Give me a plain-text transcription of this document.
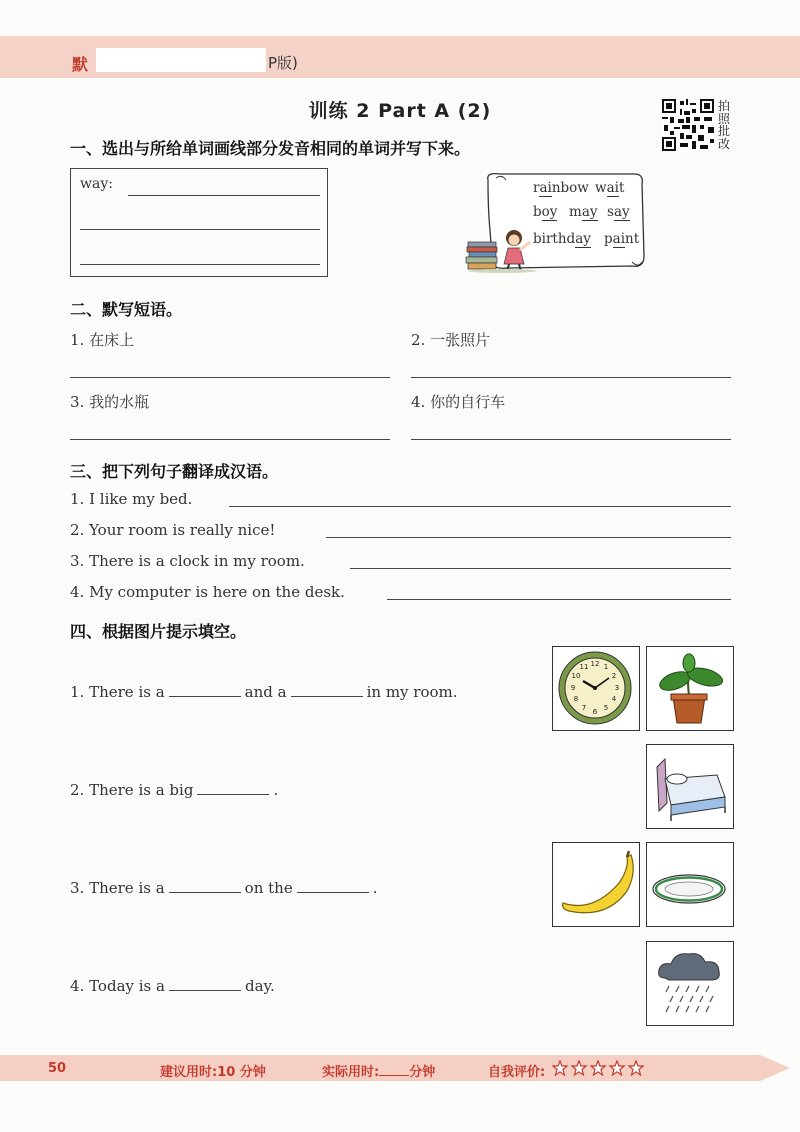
默	P版)
训练 2 Part A (2)	拍照批改
一、选出与所给单词画线部分发音相同的单词并写下来。
way:	rainbow wait
boy may say
birthday paint
二、默写短语。
1. 在床上	2. 一张照片
3. 我的水瓶	4. 你的自行车
三、把下列句子翻译成汉语。
1. I like my bed.
2. Your room is really nice!
3. There is a clock in my room.
4. My computer is here on the desk.
四、根据图片提示填空。
1. There is a	and a	in my room.
2. There is a big	.
3. There is a	on the	.
4. Today is a	day.
12 1
2
3
4
5
6
7
8
9
10
11
50	建议用时:10 分钟	实际用时: 分钟	自我评价:
